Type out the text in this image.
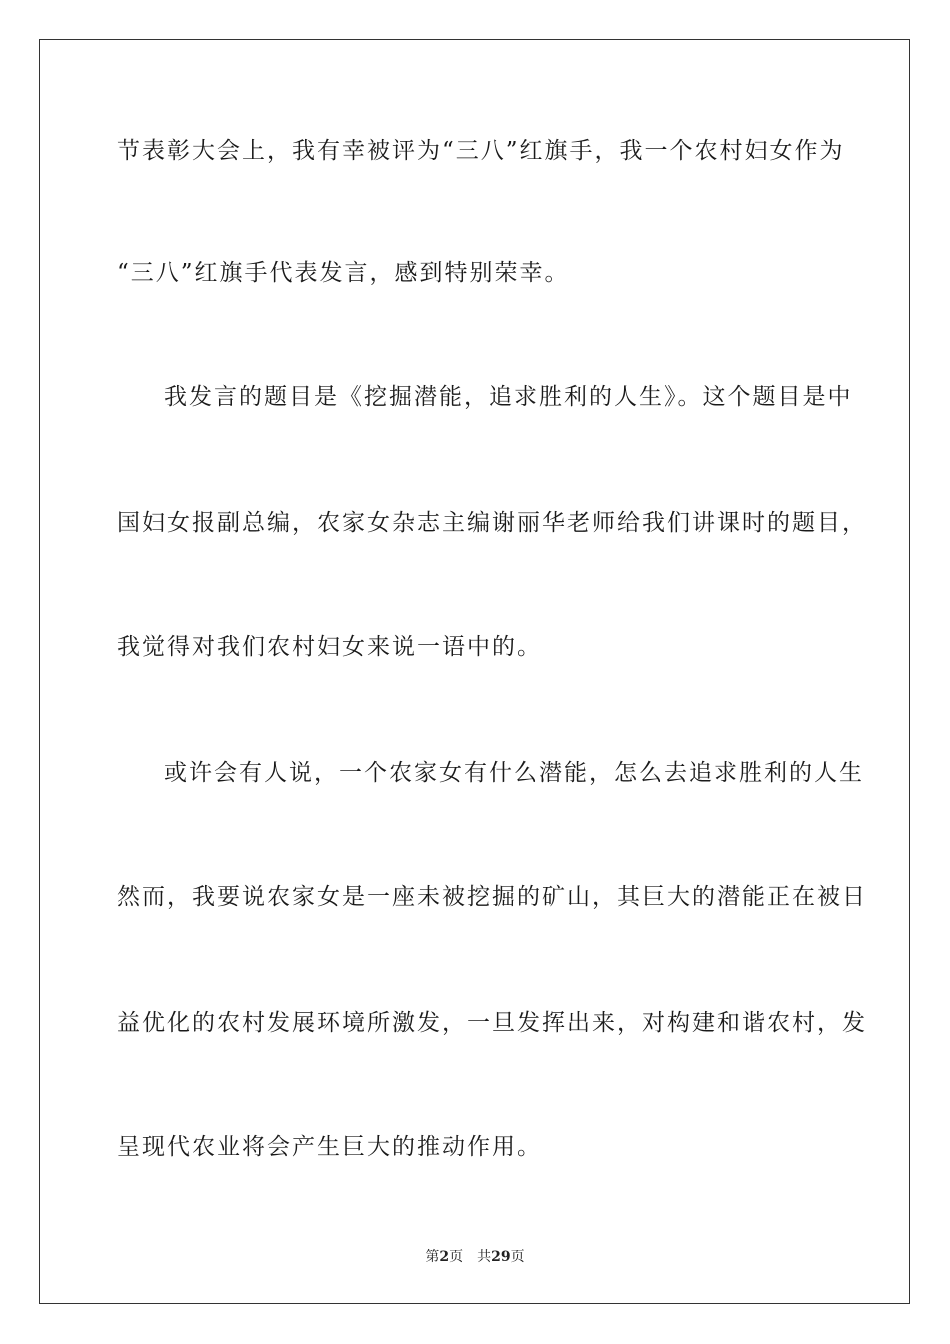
节表彰大会上，我有幸被评为“三八”红旗手，我一个农村妇女作为
“三八”红旗手代表发言，感到特别荣幸。
我发言的题目是《挖掘潜能，追求胜利的人生》。这个题目是中
国妇女报副总编，农家女杂志主编谢丽华老师给我们讲课时的题目，
我觉得对我们农村妇女来说一语中的。
或许会有人说，一个农家女有什么潜能，怎么去追求胜利的人生
然而，我要说农家女是一座未被挖掘的矿山，其巨大的潜能正在被日
益优化的农村发展环境所激发，一旦发挥出来，对构建和谐农村，发
呈现代农业将会产生巨大的推动作用。
第2页 共29页
